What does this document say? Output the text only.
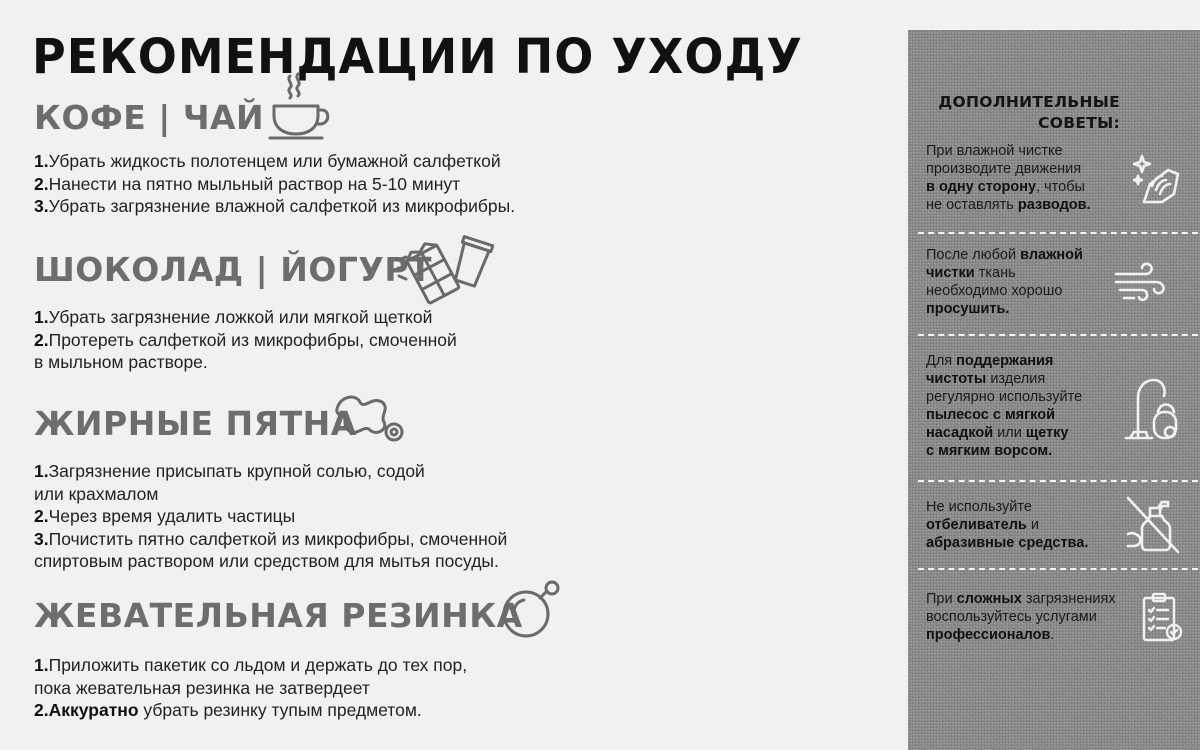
РЕКОМЕНДАЦИИ ПО УХОДУ
КОФЕ | ЧАЙ
1.Убрать жидкость полотенцем или бумажной салфеткой
2.Нанести на пятно мыльный раствор на 5-10 минут
3.Убрать загрязнение влажной салфеткой из микрофибры.
ШОКОЛАД | ЙОГУРТ
1.Убрать загрязнение ложкой или мягкой щеткой
2.Протереть салфеткой из микрофибры, смоченной
в мыльном растворе.
ЖИРНЫЕ ПЯТНА
1.Загрязнение присыпать крупной солью, содой
или крахмалом
2.Через время удалить частицы
3.Почистить пятно салфеткой из микрофибры, смоченной
спиртовым раствором или средством для мытья посуды.
ЖЕВАТЕЛЬНАЯ РЕЗИНКА
1.Приложить пакетик со льдом и держать до тех пор,
пока жевательная резинка не затвердеет
2.Аккуратно убрать резинку тупым предметом.
ДОПОЛНИТЕЛЬНЫЕ
СОВЕТЫ:
При влажной чистке
производите движения
в одну сторону, чтобы
не оставлять разводов.
После любой влажной
чистки ткань
необходимо хорошо
просушить.
Для поддержания
чистоты изделия
регулярно используйте
пылесос с мягкой
насадкой или щетку
с мягким ворсом.
Не используйте
отбеливатель и
абразивные средства.
При сложных загрязнениях
воспользуйтесь услугами
профессионалов.
